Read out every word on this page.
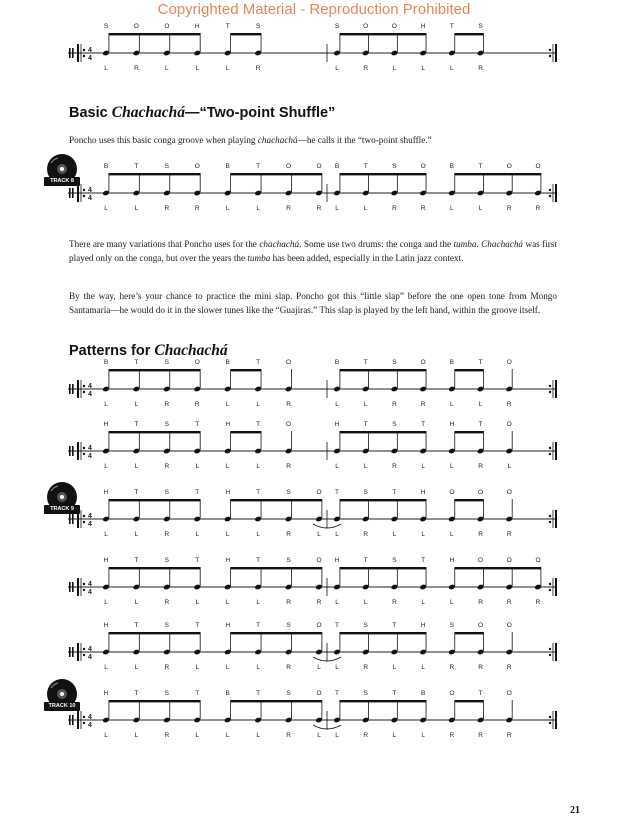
Copyrighted Material - Reproduction Prohibited
4
4
S
L
O
R
O
L
H
L
T
L
S
R
S
L
O
R
O
L
H
L
T
L
S
R
4
4
B
L
T
L
S
R
O
R
B
L
T
L
O
R
O
R
B
L
T
L
S
R
O
R
B
L
T
L
O
R
O
R
4
4
B
L
T
L
S
R
O
R
B
L
T
L
O
R
B
L
T
L
S
R
O
R
B
L
T
L
O
R
4
4
H
L
T
L
S
R
T
L
H
L
T
L
O
R
H
L
T
L
S
R
T
L
H
L
T
R
O
L
4
4
H
L
T
L
S
R
T
L
H
L
T
L
S
R
O
L
T
L
S
R
T
L
H
L
O
L
O
R
O
R
4
4
H
L
T
L
S
R
T
L
H
L
T
L
S
R
O
R
H
L
T
L
S
R
T
L
H
L
O
R
O
R
O
R
4
4
H
L
T
L
S
R
T
L
H
L
T
L
S
R
O
L
T
L
S
R
T
L
H
L
S
R
O
R
O
R
4
4
H
L
T
L
S
R
T
L
B
L
T
L
S
R
O
L
T
L
S
R
T
L
B
L
O
R
T
R
O
R
Basic Chachachá—“Two-point Shuffle”

Poncho uses this basic conga groove when playing chachachá—he calls it the “two-point shuffle.”

There are many variations that Poncho uses for the chachachá. Some use two drums: the conga and the tumba. Chachachá was first played only on the conga, but over the years the tumba has been added, especially in the Latin jazz context.

By the way, here’s your chance to practice the mini slap. Poncho got this “little slap” before the one open tone from Mongo Santamaria—he would do it in the slower tunes like the “Guajiras.” This slap is played by the left hand, within the groove itself.

Patterns for Chachachá
TRACK 8
TRACK 9
TRACK 10
21
